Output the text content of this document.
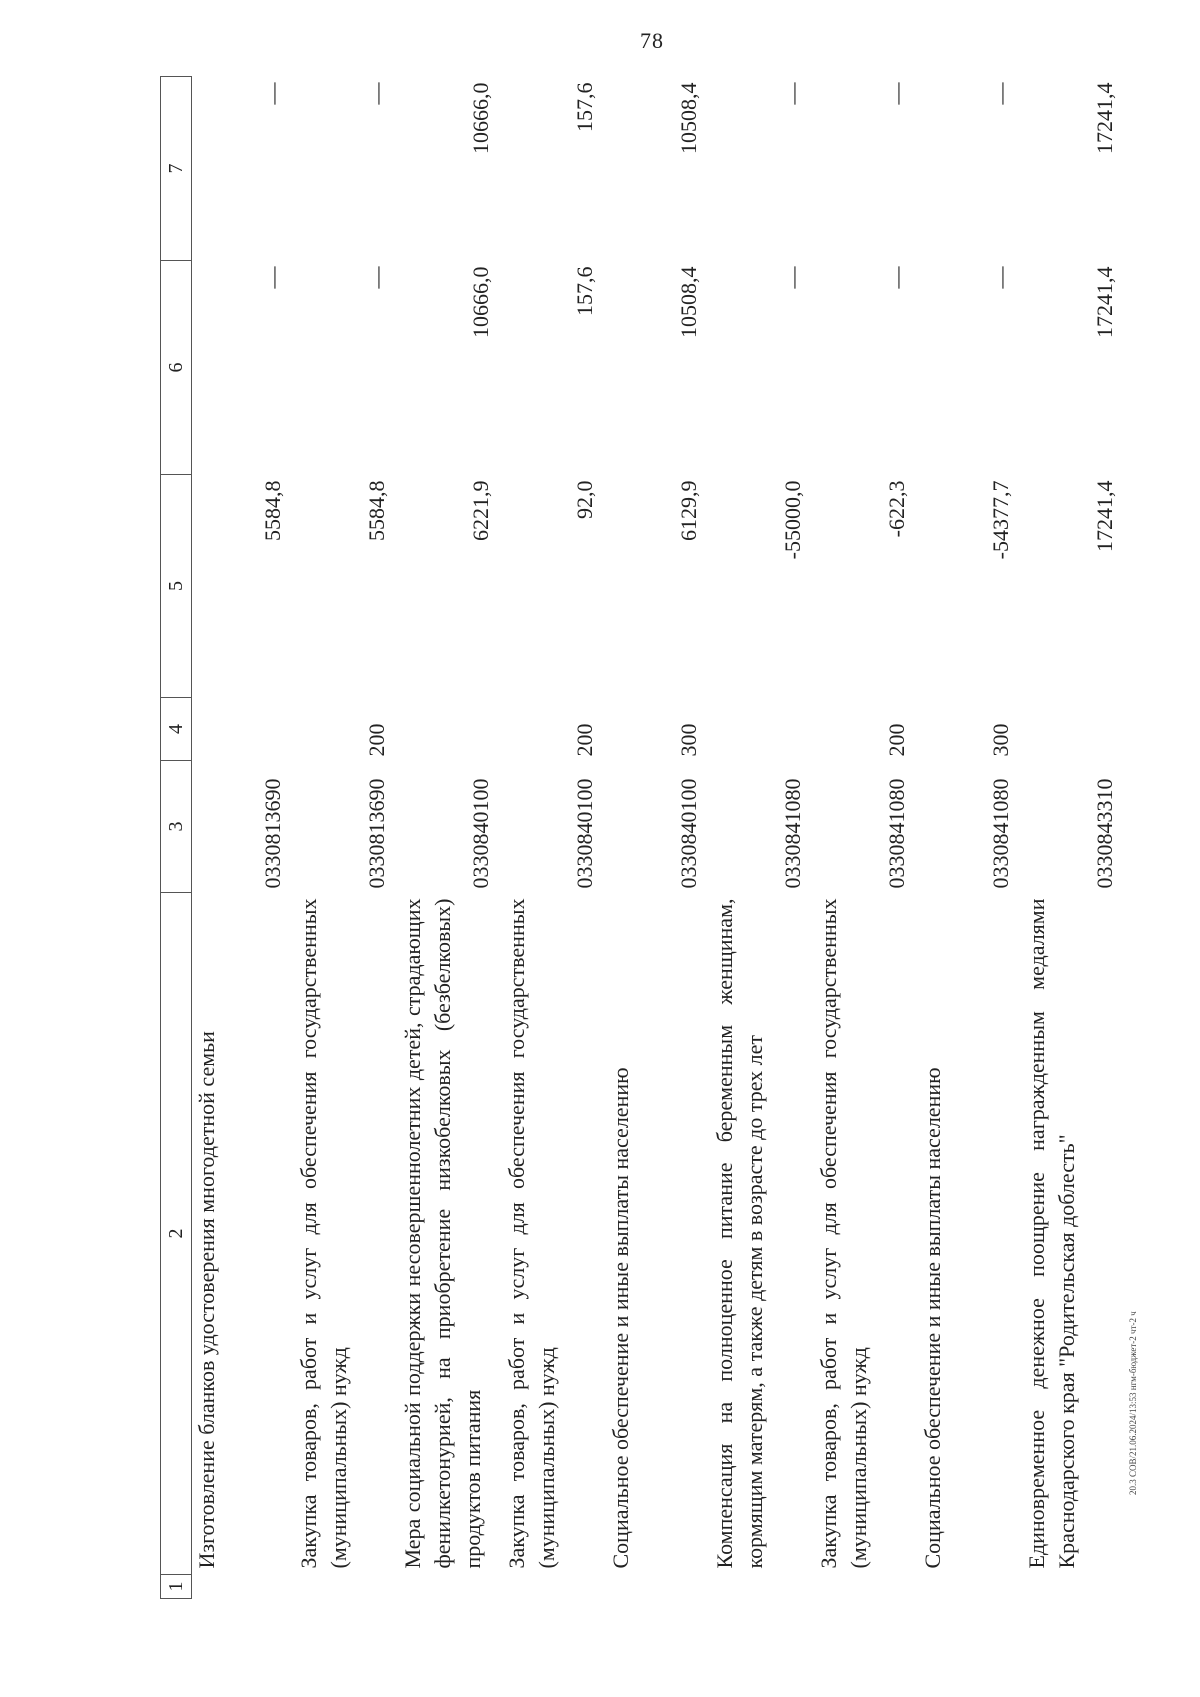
78
20.3 СОВ/21.06.2024/13:53 нгм-бюджет-2 чт-2 ч
1	2	3	4	5	6	7
	Изготовление бланков удостоверения многодетной семьи	0330813690		5584,8	—	—
	Закупка товаров, работ и услуг для обеспечения государственных (муниципальных) нужд	0330813690	200	5584,8	—	—
	Мера социальной поддержки несовершеннолетних детей, страдающих фенилкетонурией, на приобретение низкобелковых (безбелковых) продуктов питания	0330840100		6221,9	10666,0	10666,0
	Закупка товаров, работ и услуг для обеспечения государственных (муниципальных) нужд	0330840100	200	92,0	157,6	157,6
	Социальное обеспечение и иные выплаты населению	0330840100	300	6129,9	10508,4	10508,4
	Компенсация на полноценное питание беременным женщинам, кормящим матерям, а также детям в возрасте до трех лет	0330841080		-55000,0	—	—
	Закупка товаров, работ и услуг для обеспечения государственных (муниципальных) нужд	0330841080	200	-622,3	—	—
	Социальное обеспечение и иные выплаты населению	0330841080	300	-54377,7	—	—
	Единовременное денежное поощрение награжденным медалями Краснодарского края "Родительская доблесть"	0330843310		17241,4	17241,4	17241,4
